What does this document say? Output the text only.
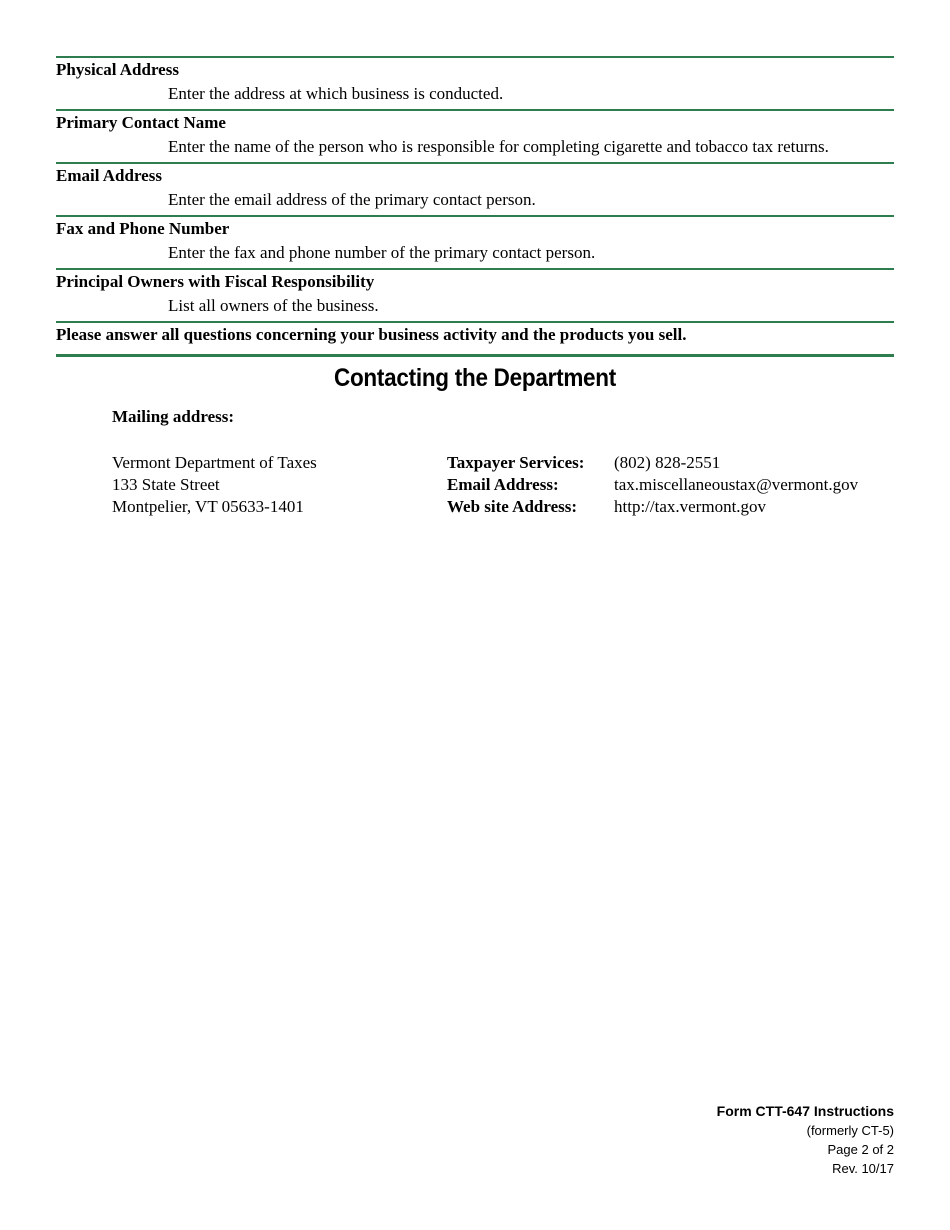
Physical Address
Enter the address at which business is conducted.
Primary Contact Name
Enter the name of the person who is responsible for completing cigarette and tobacco tax returns.
Email Address
Enter the email address of the primary contact person.
Fax and Phone Number
Enter the fax and phone number of the primary contact person.
Principal Owners with Fiscal Responsibility
List all owners of the business.
Please answer all questions concerning your business activity and the products you sell.
Contacting the Department
Mailing address:
Vermont Department of Taxes
133 State Street
Montpelier, VT 05633-1401
Taxpayer Services:
Email Address:
Web site Address:
(802) 828-2551
tax.miscellaneoustax@vermont.gov
http://tax.vermont.gov
Form CTT-647 Instructions
(formerly CT-5)
Page 2 of 2
Rev. 10/17
